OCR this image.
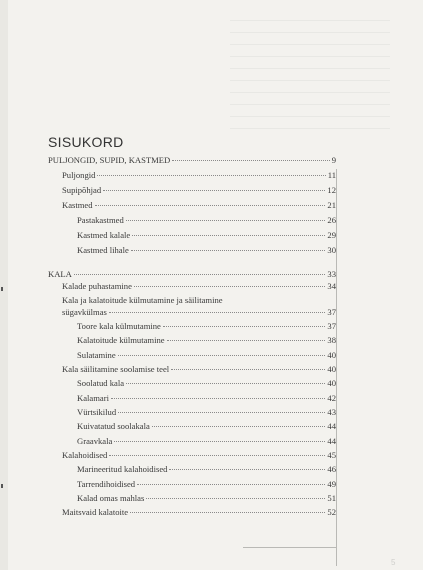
SISUKORD
PULJONGID, SUPID, KASTMED	9
Puljongid	11
Supipõhjad	12
Kastmed	21
Pastakastmed	26
Kastmed kalale	29
Kastmed lihale	30
KALA	33
Kalade puhastamine	34
Kala ja kalatoitude külmutamine ja säilitamine
sügavkülmas	37
Toore kala külmutamine	37
Kalatoitude külmutamine	38
Sulatamine	40
Kala säilitamine soolamise teel	40
Soolatud kala	40
Kalamari	42
Vürtsikilud	43
Kuivatatud soolakala	44
Graavkala	44
Kalahoidised	45
Marineeritud kalahoidised	46
Tarrendihoidised	49
Kalad omas mahlas	51
Maitsvaid kalatoite	52
5
